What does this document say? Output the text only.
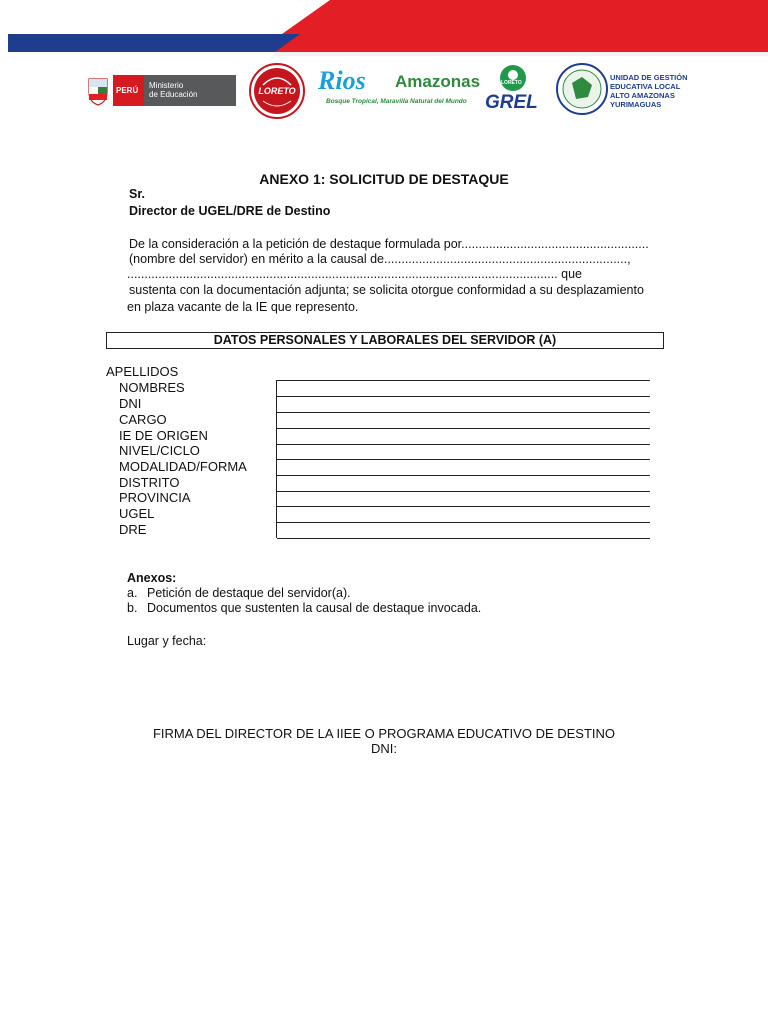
PERÚ
Ministerio
de Educación	LORETO Rios Amazonas
Bosque Tropical, Maravilla Natural del Mundo
LORETO
GREL
UNIDAD DE GESTIÓN
EDUCATIVA LOCAL
ALTO AMAZONAS
YURIMAGUAS
ANEXO 1: SOLICITUD DE DESTAQUE
Sr.
Director de UGEL/DRE de Destino
De la consideración a la petición de destaque formulada por......................................................
(nombre del servidor) en mérito a la causal de......................................................................,
............................................................................................................................ que
sustenta con la documentación adjunta; se solicita otorgue conformidad a su desplazamiento
en plaza vacante de la IE que represento.
DATOS PERSONALES Y LABORALES DEL SERVIDOR (A)
APELLIDOS
NOMBRES
DNI
CARGO
IE DE ORIGEN
NIVEL/CICLO
MODALIDAD/FORMA
DISTRITO
PROVINCIA
UGEL
DRE
Anexos:
a. Petición de destaque del servidor(a).
b. Documentos que sustenten la causal de destaque invocada.
Lugar y fecha:
FIRMA DEL DIRECTOR DE LA IIEE O PROGRAMA EDUCATIVO DE DESTINO
DNI:
